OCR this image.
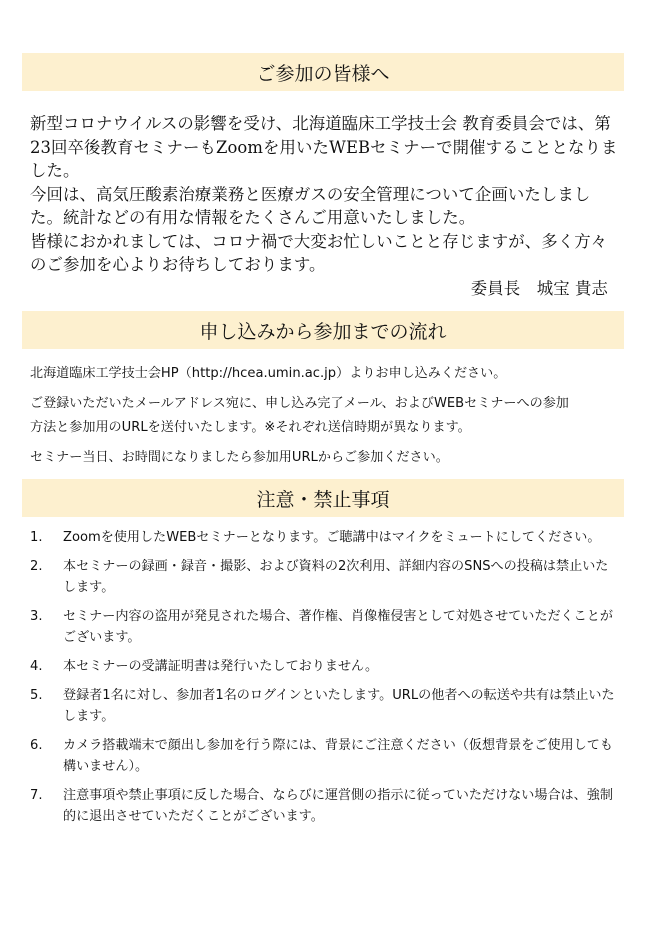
ご参加の皆様へ

新型コロナウイルスの影響を受け、北海道臨床工学技士会 教育委員会では、第23回卒後教育セミナーもZoomを用いたWEBセミナーで開催することとなりました。

今回は、高気圧酸素治療業務と医療ガスの安全管理について企画いたしました。統計などの有用な情報をたくさんご用意いたしました。

皆様におかれましては、コロナ禍で大変お忙しいことと存じますが、多く方々のご参加を心よりお待ちしております。

委員長　城宝 貴志

申し込みから参加までの流れ

北海道臨床工学技士会HP（http://hcea.umin.ac.jp）よりお申し込みください。

ご登録いただいたメールアドレス宛に、申し込み完了メール、およびWEBセミナーへの参加

方法と参加用のURLを送付いたします。※それぞれ送信時期が異なります。

セミナー当日、お時間になりましたら参加用URLからご参加ください。

注意・禁止事項
1.	Zoomを使用したWEBセミナーとなります。ご聴講中はマイクをミュートにしてください。
2.	本セミナーの録画・録音・撮影、および資料の2次利用、詳細内容のSNSへの投稿は禁止いたします。
3.	セミナー内容の盗用が発見された場合、著作権、肖像権侵害として対処させていただくことがございます。
4.	本セミナーの受講証明書は発行いたしておりません。
5.	登録者1名に対し、参加者1名のログインといたします。URLの他者への転送や共有は禁止いたします。
6.	カメラ搭載端末で顔出し参加を行う際には、背景にご注意ください（仮想背景をご使用しても構いません）。
7.	注意事項や禁止事項に反した場合、ならびに運営側の指示に従っていただけない場合は、強制的に退出させていただくことがございます。
